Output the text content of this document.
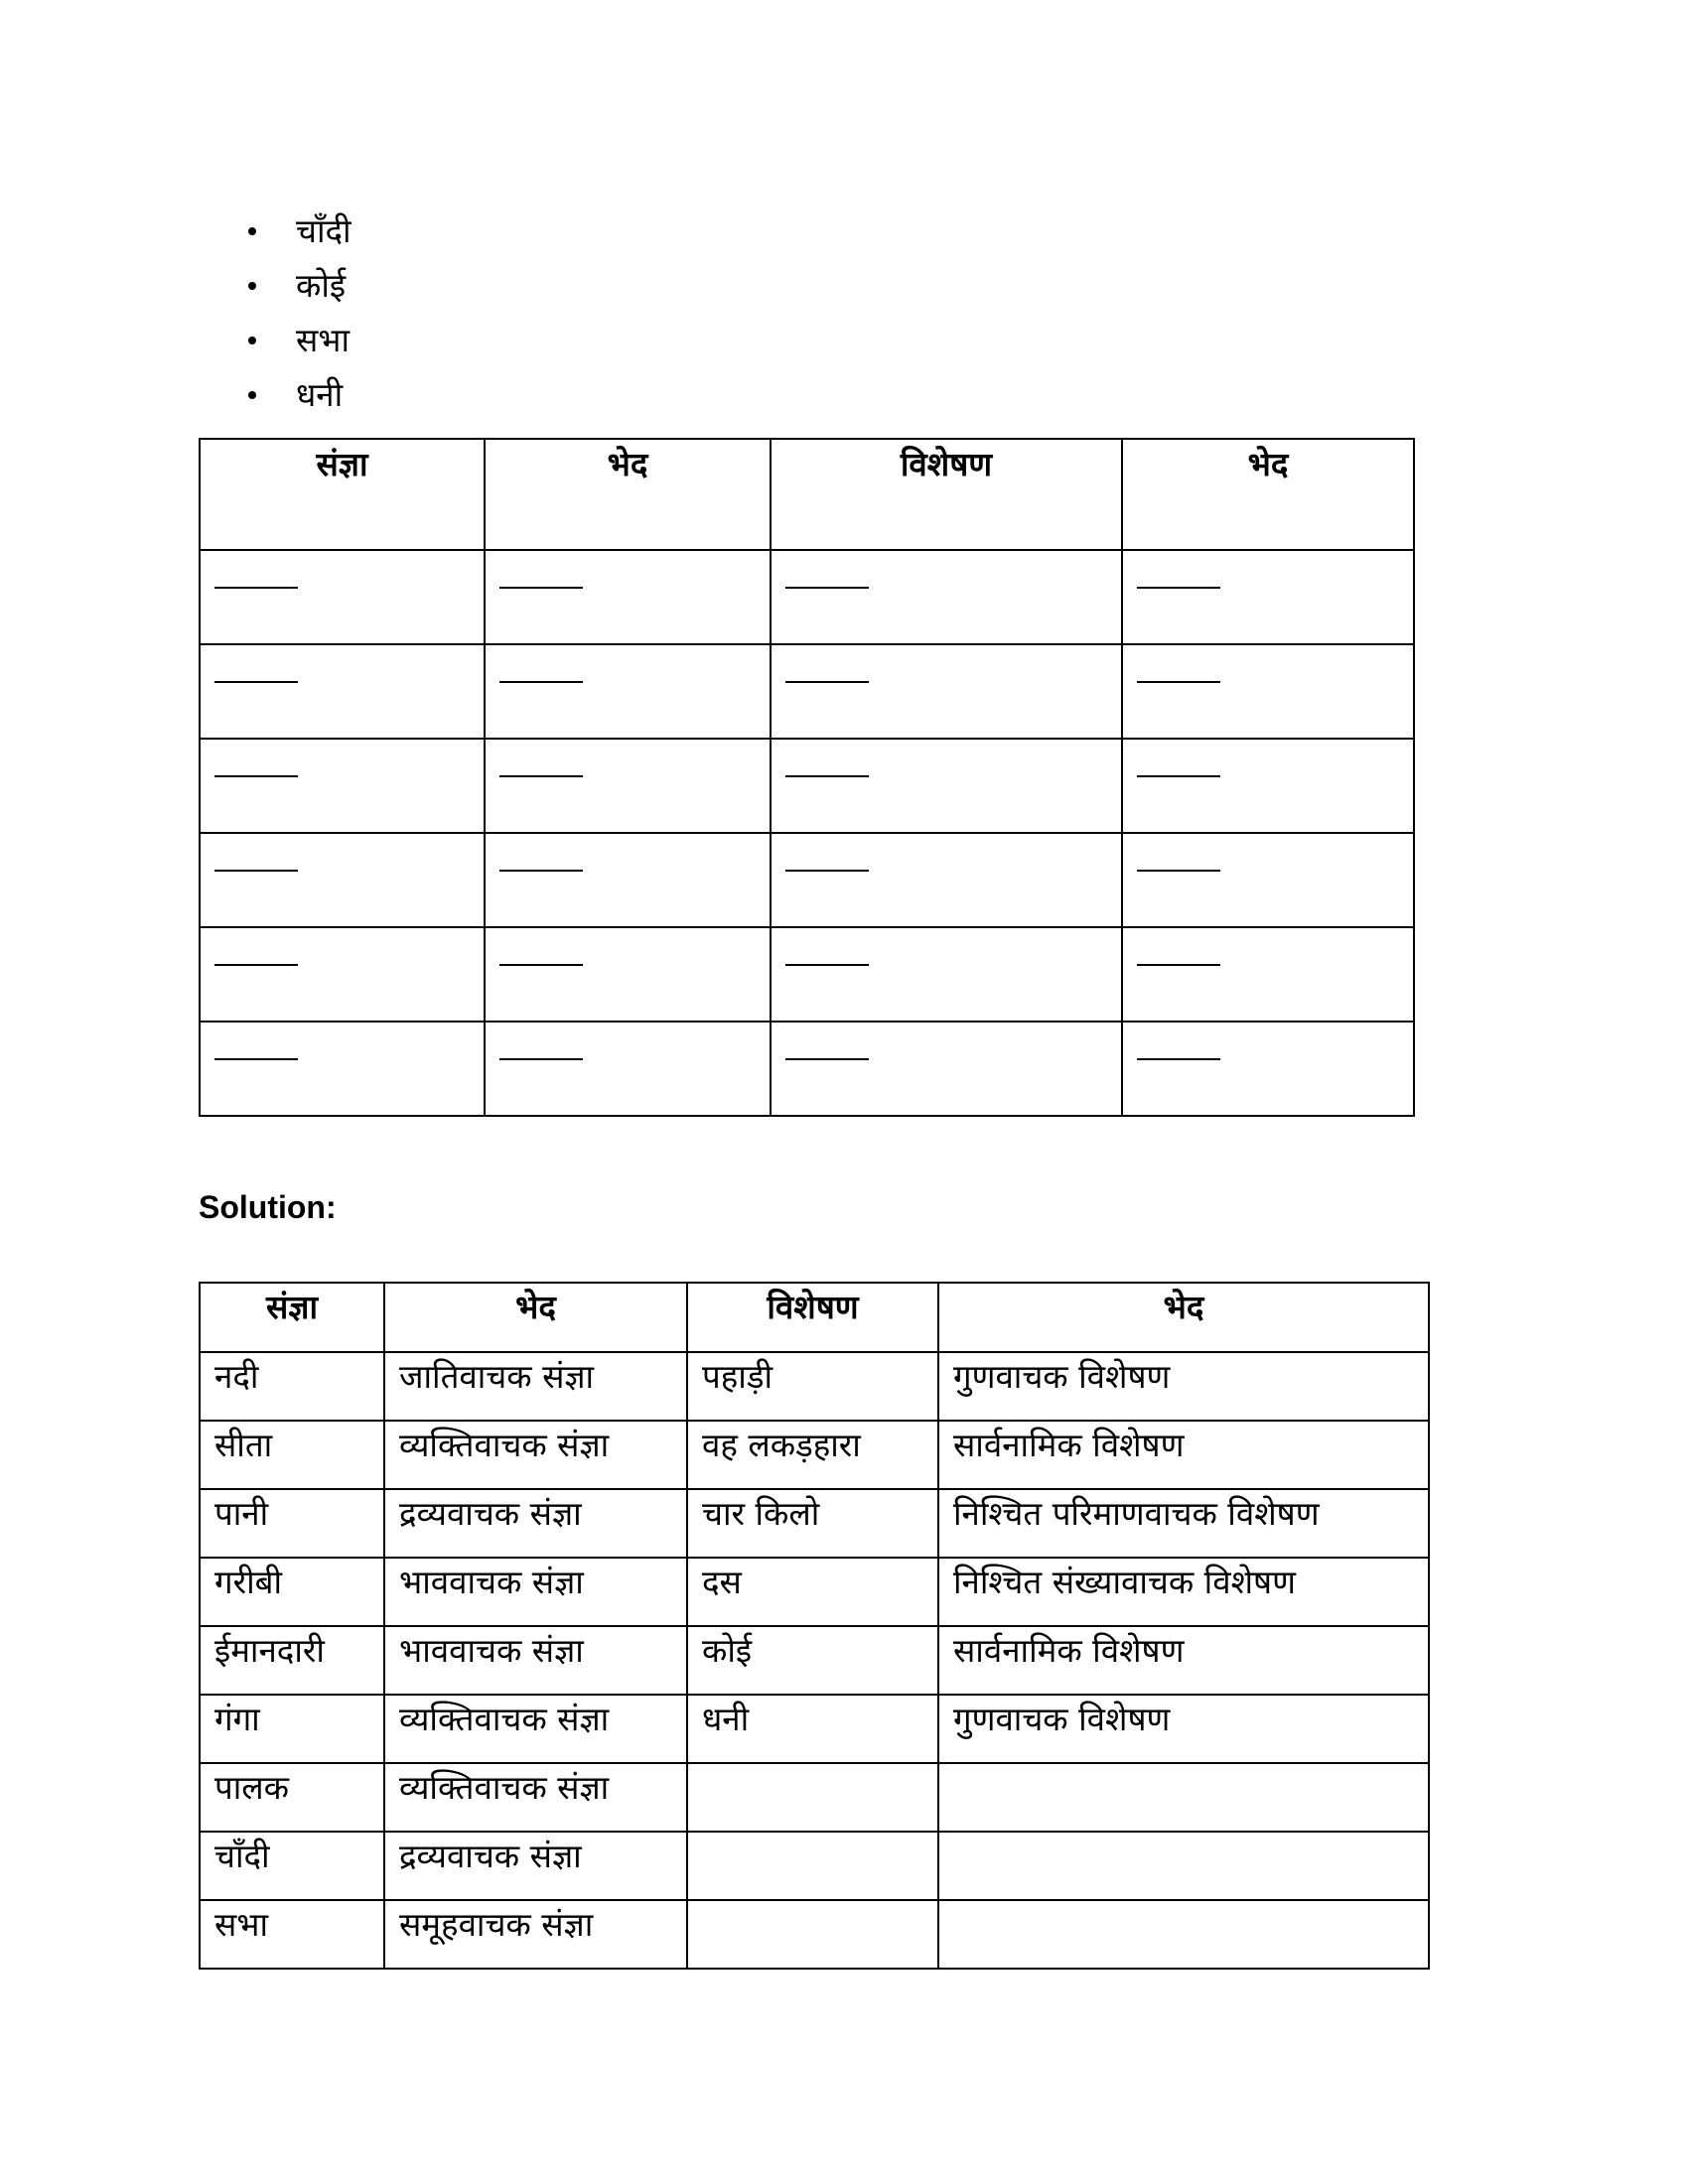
चाँदी
कोई
सभा
धनी
संज्ञा	भेद	विशेषण	भेद

Solution:

संज्ञा	भेद	विशेषण	भेद
नदी	जातिवाचक संज्ञा	पहाड़ी	गुणवाचक विशेषण
सीता	व्यक्तिवाचक संज्ञा	वह लकड़हारा	सार्वनामिक विशेषण
पानी	द्रव्यवाचक संज्ञा	चार किलो	निश्चित परिमाणवाचक विशेषण
गरीबी	भाववाचक संज्ञा	दस	निश्चित संख्यावाचक विशेषण
ईमानदारी	भाववाचक संज्ञा	कोई	सार्वनामिक विशेषण
गंगा	व्यक्तिवाचक संज्ञा	धनी	गुणवाचक विशेषण
पालक	व्यक्तिवाचक संज्ञा		
चाँदी	द्रव्यवाचक संज्ञा		
सभा	समूहवाचक संज्ञा		
